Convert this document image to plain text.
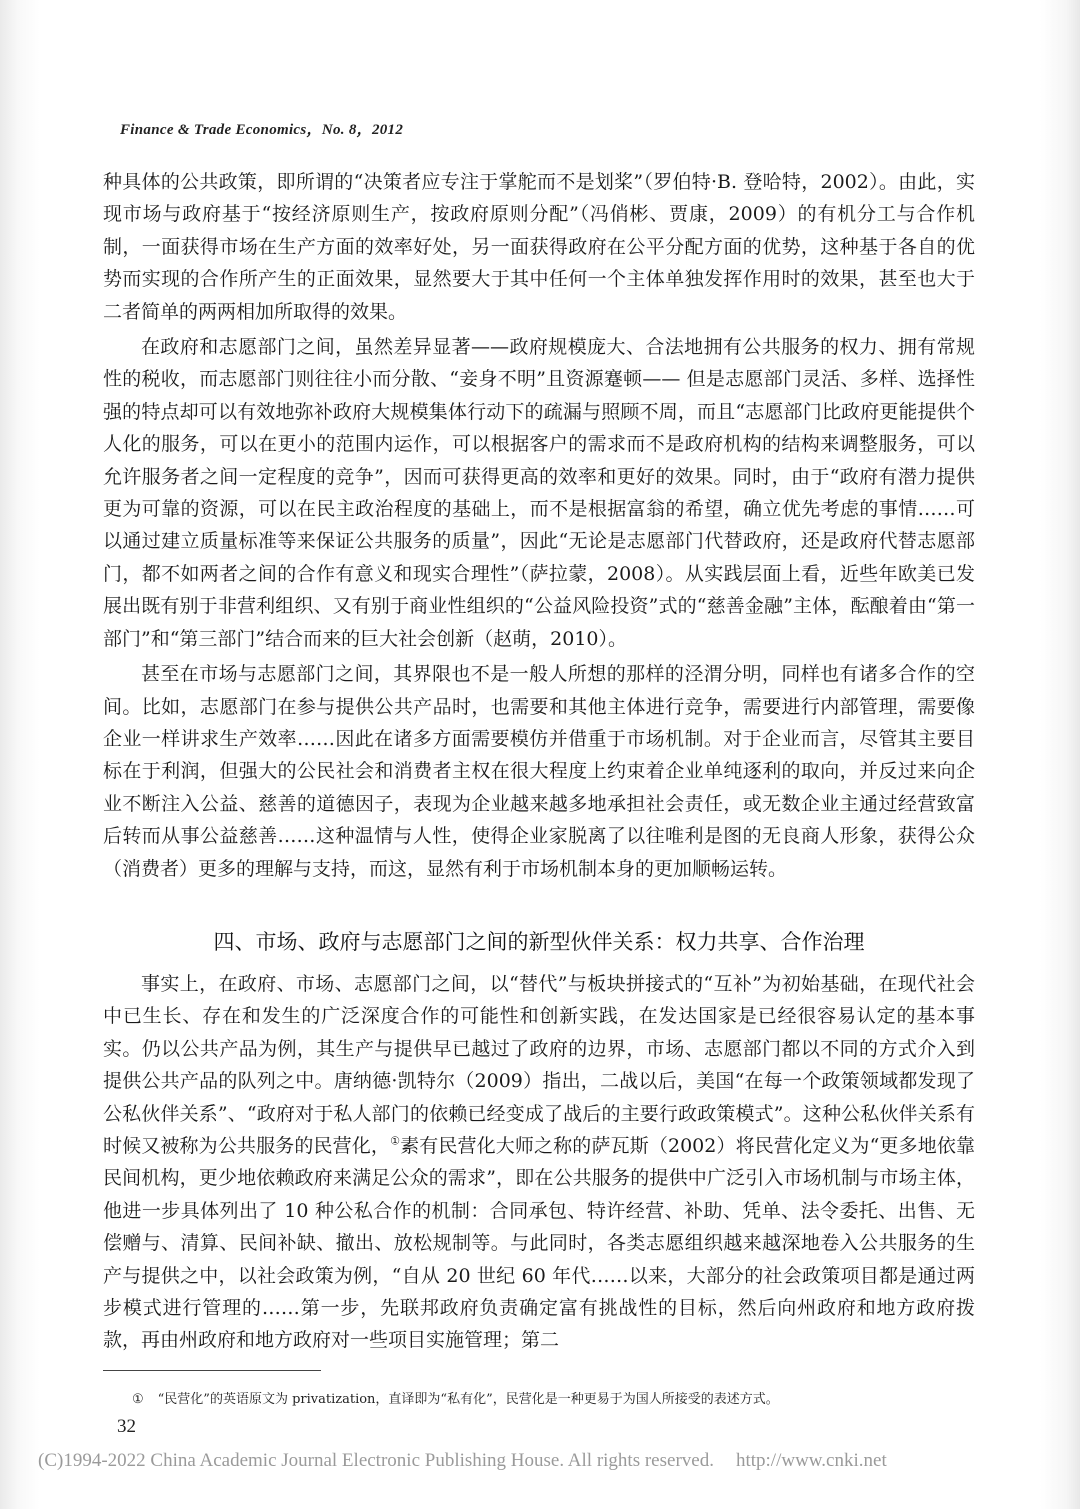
Finance & Trade Economics，No. 8，2012

种具体的公共政策，即所谓的“决策者应专注于掌舵而不是划桨”（罗伯特·B. 登哈特，2002）。由此，实现市场与政府基于“按经济原则生产，按政府原则分配”（冯俏彬、贾康，2009）的有机分工与合作机制，一面获得市场在生产方面的效率好处，另一面获得政府在公平分配方面的优势，这种基于各自的优势而实现的合作所产生的正面效果，显然要大于其中任何一个主体单独发挥作用时的效果，甚至也大于二者简单的两两相加所取得的效果。

在政府和志愿部门之间，虽然差异显著——政府规模庞大、合法地拥有公共服务的权力、拥有常规性的税收，而志愿部门则往往小而分散、“妾身不明”且资源蹇顿—— 但是志愿部门灵活、多样、选择性强的特点却可以有效地弥补政府大规模集体行动下的疏漏与照顾不周，而且“志愿部门比政府更能提供个人化的服务，可以在更小的范围内运作，可以根据客户的需求而不是政府机构的结构来调整服务，可以允许服务者之间一定程度的竞争”，因而可获得更高的效率和更好的效果。同时，由于“政府有潜力提供更为可靠的资源，可以在民主政治程度的基础上，而不是根据富翁的希望，确立优先考虑的事情……可以通过建立质量标准等来保证公共服务的质量”，因此“无论是志愿部门代替政府，还是政府代替志愿部门，都不如两者之间的合作有意义和现实合理性”（萨拉蒙，2008）。从实践层面上看，近些年欧美已发展出既有别于非营利组织、又有别于商业性组织的“公益风险投资”式的“慈善金融”主体，酝酿着由“第一部门”和“第三部门”结合而来的巨大社会创新（赵萌，2010）。

甚至在市场与志愿部门之间，其界限也不是一般人所想的那样的泾渭分明，同样也有诸多合作的空间。比如，志愿部门在参与提供公共产品时，也需要和其他主体进行竞争，需要进行内部管理，需要像企业一样讲求生产效率……因此在诸多方面需要模仿并借重于市场机制。对于企业而言，尽管其主要目标在于利润，但强大的公民社会和消费者主权在很大程度上约束着企业单纯逐利的取向，并反过来向企业不断注入公益、慈善的道德因子，表现为企业越来越多地承担社会责任，或无数企业主通过经营致富后转而从事公益慈善……这种温情与人性，使得企业家脱离了以往唯利是图的无良商人形象，获得公众（消费者）更多的理解与支持，而这，显然有利于市场机制本身的更加顺畅运转。

四、市场、政府与志愿部门之间的新型伙伴关系：权力共享、合作治理

事实上，在政府、市场、志愿部门之间，以“替代”与板块拼接式的“互补”为初始基础，在现代社会中已生长、存在和发生的广泛深度合作的可能性和创新实践，在发达国家是已经很容易认定的基本事实。仍以公共产品为例，其生产与提供早已越过了政府的边界，市场、志愿部门都以不同的方式介入到提供公共产品的队列之中。唐纳德·凯特尔（2009）指出，二战以后，美国“在每一个政策领域都发现了公私伙伴关系”、“政府对于私人部门的依赖已经变成了战后的主要行政政策模式”。这种公私伙伴关系有时候又被称为公共服务的民营化，①素有民营化大师之称的萨瓦斯（2002）将民营化定义为“更多地依靠民间机构，更少地依赖政府来满足公众的需求”，即在公共服务的提供中广泛引入市场机制与市场主体，他进一步具体列出了 10 种公私合作的机制：合同承包、特许经营、补助、凭单、法令委托、出售、无偿赠与、清算、民间补缺、撤出、放松规制等。与此同时，各类志愿组织越来越深地卷入公共服务的生产与提供之中，以社会政策为例，“自从 20 世纪 60 年代……以来，大部分的社会政策项目都是通过两步模式进行管理的……第一步，先联邦政府负责确定富有挑战性的目标，然后向州政府和地方政府拨款，再由州政府和地方政府对一些项目实施管理；第二

① “民营化”的英语原文为 privatization，直译即为“私有化”，民营化是一种更易于为国人所接受的表述方式。
32
(C)1994-2022 China Academic Journal Electronic Publishing House. All rights reserved. http://www.cnki.net
